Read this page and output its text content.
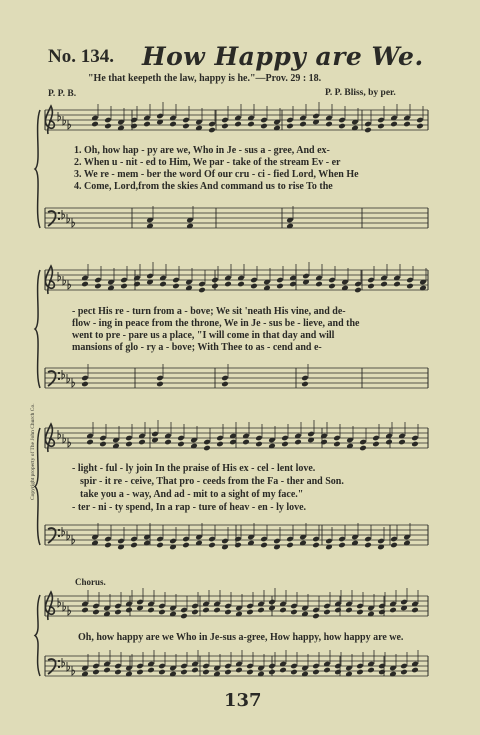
No. 134. How Happy are We.
"He that keepeth the law, happy is he."—Prov. 29 : 18.
P. P. B.	P. P. Bliss, by per.
Copyright property of The John Church Co.
1. Oh, how hap - py are we, Who in Je - sus a - gree, And ex-
2. When u - nit - ed to Him, We par - take of the stream Ev - er
3. We re - mem - ber the word Of our cru - ci - fied Lord, When He
4. Come, Lord,from the skies And command us to rise To the
- pect His re - turn from a - bove; We sit 'neath His vine, and de-
flow - ing in peace from the throne, We in Je - sus be - lieve, and the
went to pre - pare us a place, "I will come in that day and will
mansions of glo - ry a - bove; With Thee to as - cend and e-
- light - ful - ly join In the praise of His ex - cel - lent love.
spir - it re - ceive, That pro - ceeds from the Fa - ther and Son.
take you a - way, And ad - mit to a sight of my face."
- ter - ni - ty spend, In a rap - ture of heav - en - ly love.
Chorus.
Oh, how happy are we Who in Je-sus a-gree, How happy, how happy are we.
137
